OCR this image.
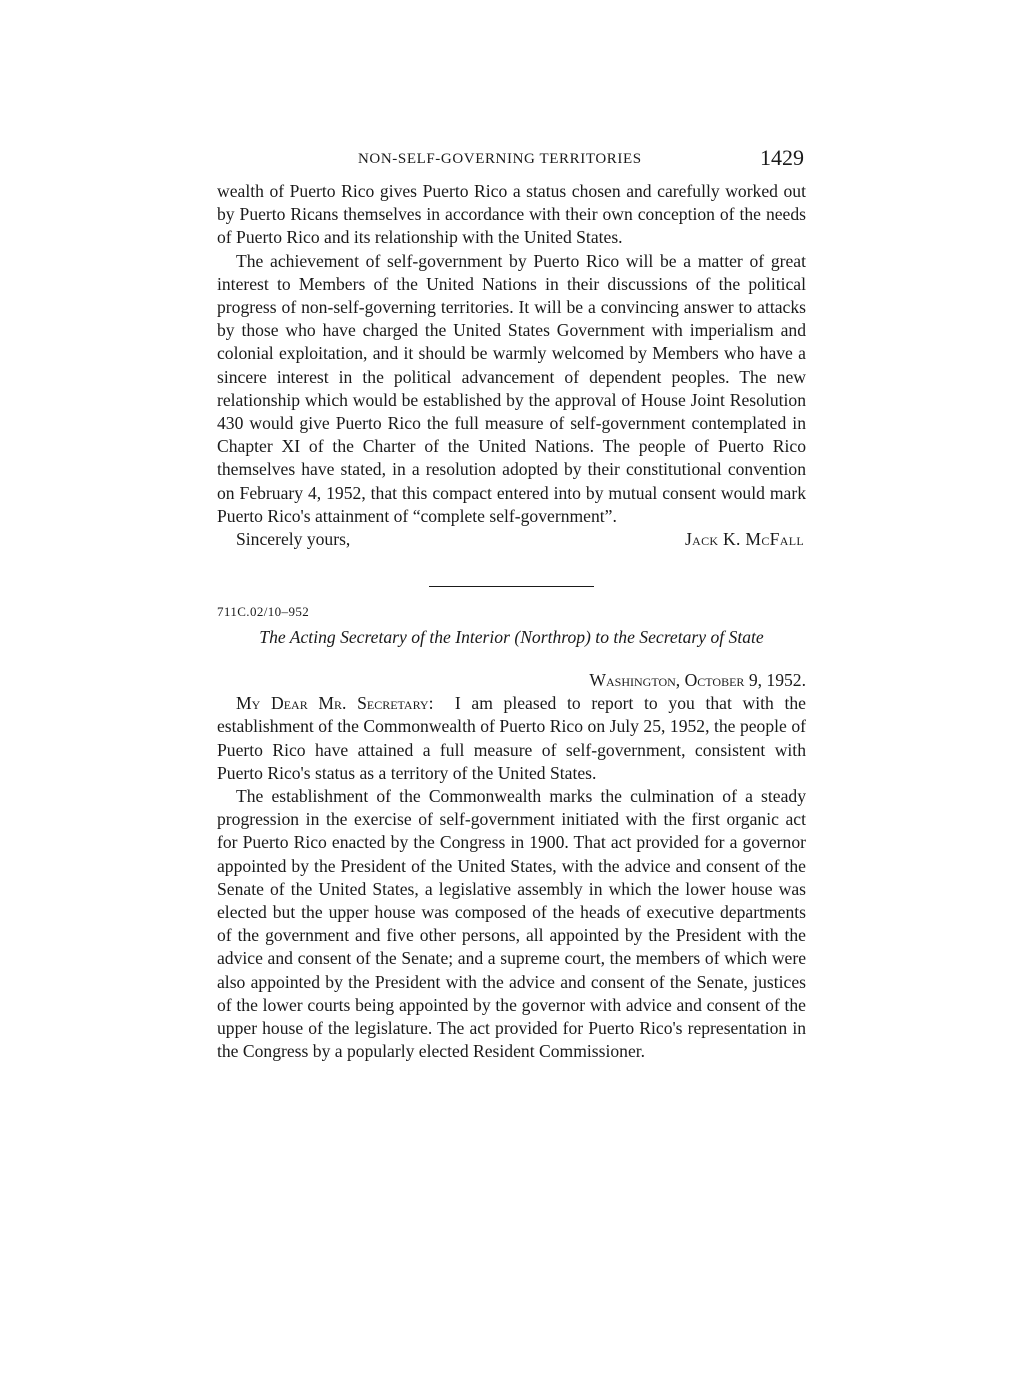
NON-SELF-GOVERNING TERRITORIES	1429

wealth of Puerto Rico gives Puerto Rico a status chosen and carefully worked out by Puerto Ricans themselves in accordance with their own conception of the needs of Puerto Rico and its relationship with the United States.

The achievement of self-government by Puerto Rico will be a matter of great interest to Members of the United Nations in their discussions of the political progress of non-self-governing territories. It will be a convincing answer to attacks by those who have charged the United States Government with imperialism and colonial exploitation, and it should be warmly welcomed by Members who have a sincere interest in the political advancement of dependent peoples. The new relationship which would be established by the approval of House Joint Resolution 430 would give Puerto Rico the full measure of self-government contemplated in Chapter XI of the Charter of the United Nations. The people of Puerto Rico themselves have stated, in a resolution adopted by their constitutional convention on February 4, 1952, that this compact entered into by mutual consent would mark Puerto Rico's attainment of “complete self-government”.

Sincerely yours,	Jack K. McFall
711C.02/10–952
The Acting Secretary of the Interior (Northrop) to the Secretary of State
Washington, October 9, 1952.

My Dear Mr. Secretary: I am pleased to report to you that with the establishment of the Commonwealth of Puerto Rico on July 25, 1952, the people of Puerto Rico have attained a full measure of self-government, consistent with Puerto Rico's status as a territory of the United States.

The establishment of the Commonwealth marks the culmination of a steady progression in the exercise of self-government initiated with the first organic act for Puerto Rico enacted by the Congress in 1900. That act provided for a governor appointed by the President of the United States, with the advice and consent of the Senate of the United States, a legislative assembly in which the lower house was elected but the upper house was composed of the heads of executive departments of the government and five other persons, all appointed by the President with the advice and consent of the Senate; and a supreme court, the members of which were also appointed by the President with the advice and consent of the Senate, justices of the lower courts being appointed by the governor with advice and consent of the upper house of the legislature. The act provided for Puerto Rico's representation in the Congress by a popularly elected Resident Commissioner.
